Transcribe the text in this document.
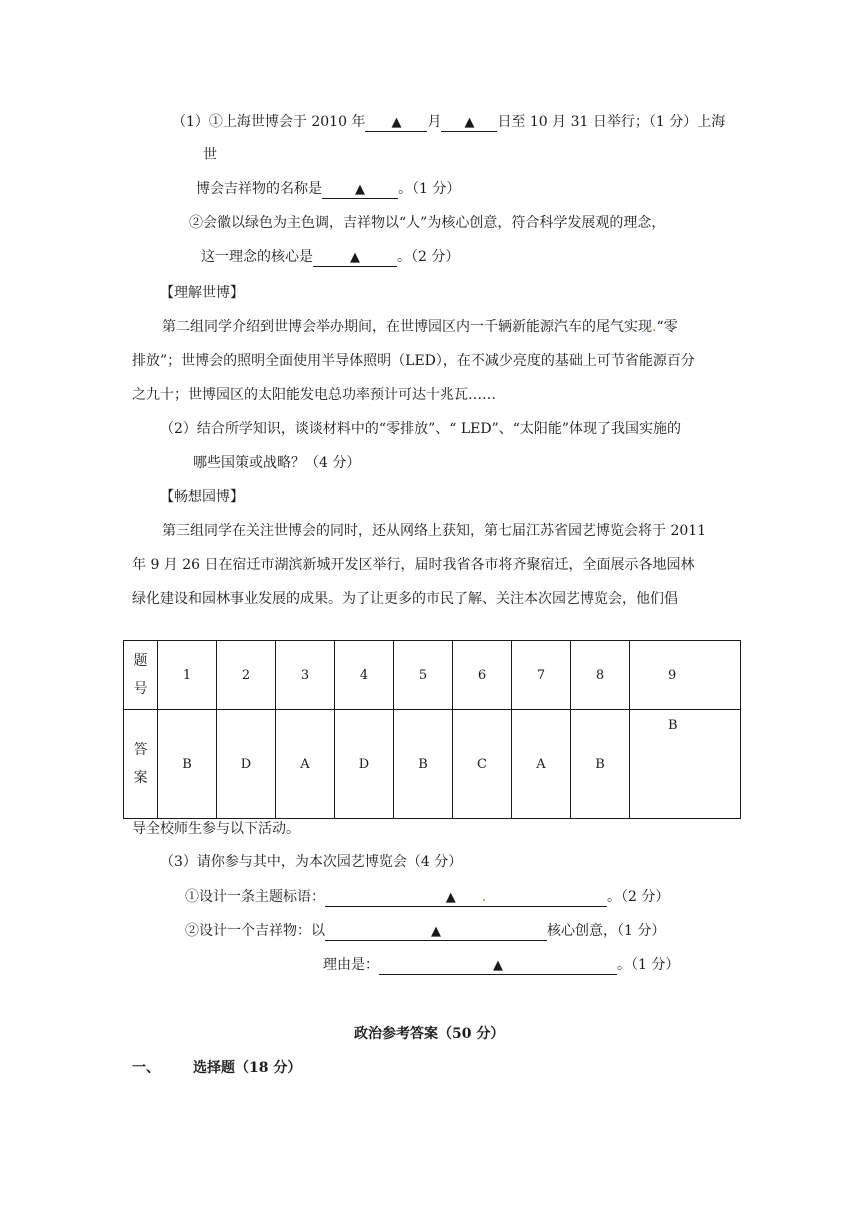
（1）①上海世博会于 2010 年 ▲ 月 ▲ 日至 10 月 31 日举行；（1 分）上海
世
博会吉祥物的名称是	▲ 。（1 分）
②会徽以绿色为主色调，吉祥物以“人”为核心创意，符合科学发展观的理念，
这一理念的核心是	▲	。（2 分）
【理解世博】
第二组同学介绍到世博会举办期间，在世博园区内一千辆新能源汽车的尾气实现.“零
排放”；世博会的照明全面使用半导体照明（LED），在不减少亮度的基础上可节省能源百分
之九十；世博园区的太阳能发电总功率预计可达十兆瓦……
（2）结合所学知识，谈谈材料中的“零排放”、“ LED”、“太阳能”体现了我国实施的
哪些国策或战略？（4 分）
【畅想园博】
第三组同学在关注世博会的同时，还从网络上获知，第七届江苏省园艺博览会将于 2011
年 9 月 26 日在宿迁市湖滨新城开发区举行，届时我省各市将齐聚宿迁，全面展示各地园林
绿化建设和园林事业发展的成果。为了让更多的市民了解、关注本次园艺博览会，他们倡
题
号	1	2	3	4	5	6	7	8	9
答
案	B	D	A	D	B	C	A	B	B
导全校师生参与以下活动。
（3）请你参与其中，为本次园艺博览会（4 分）
①设计一条主题标语：	▲ .	。（2 分）
②设计一个吉祥物：以	▲	核心创意，（1 分）
理由是：	▲	。（1 分）
政治参考答案（50 分）
一、 选择题（18 分）
